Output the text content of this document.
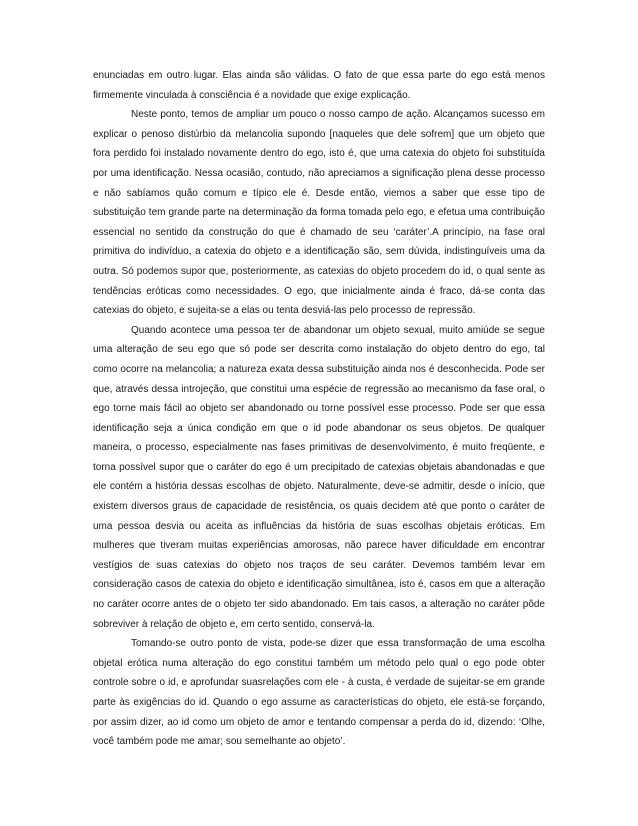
enunciadas em outro lugar. Elas ainda são válidas. O fato de que essa parte do ego está menos firmemente vinculada à consciência é a novidade que exige explicação.

Neste ponto, temos de ampliar um pouco o nosso campo de ação. Alcançamos sucesso em explicar o penoso distúrbio da melancolia supondo [naqueles que dele sofrem] que um objeto que fora perdido foi instalado novamente dentro do ego, isto é, que uma catexia do objeto foi substituída por uma identificação. Nessa ocasião, contudo, não apreciamos a significação plena desse processo e não sabíamos quão comum e típico ele é. Desde então, viemos a saber que esse tipo de substituição tem grande parte na determinação da forma tomada pelo ego, e efetua uma contribuição essencial no sentido da construção do que é chamado de seu ‘caráter’.A princípio, na fase oral primitiva do indivíduo, a catexia do objeto e a identificação são, sem dúvida, indistinguíveis uma da outra. Só podemos supor que, posteriormente, as catexias do objeto procedem do id, o qual sente as tendências eróticas como necessidades. O ego, que inicialmente ainda é fraco, dá-se conta das catexias do objeto, e sujeita-se a elas ou tenta desviá-las pelo processo de repressão.

Quando acontece uma pessoa ter de abandonar um objeto sexual, muito amiúde se segue uma alteração de seu ego que só pode ser descrita como instalação do objeto dentro do ego, tal como ocorre na melancolia; a natureza exata dessa substituição ainda nos é desconhecida. Pode ser que, através dessa introjeção, que constitui uma espécie de regressão ao mecanismo da fase oral, o ego torne mais fácil ao objeto ser abandonado ou torne possível esse processo. Pode ser que essa identificação seja a única condição em que o id pode abandonar os seus objetos. De qualquer maneira, o processo, especialmente nas fases primitivas de desenvolvimento, é muito freqüente, e torna possível supor que o caráter do ego é um precipitado de catexias objetais abandonadas e que ele contém a história dessas escolhas de objeto. Naturalmente, deve-se admitir, desde o início, que existem diversos graus de capacidade de resistência, os quais decidem até que ponto o caráter de uma pessoa desvia ou aceita as influências da história de suas escolhas objetais eróticas. Em mulheres que tiveram muitas experiências amorosas, não parece haver dificuldade em encontrar vestígios de suas catexias do objeto nos traços de seu caráter. Devemos também levar em consideração casos de catexia do objeto e identificação simultânea, isto é, casos em que a alteração no caráter ocorre antes de o objeto ter sido abandonado. Em tais casos, a alteração no caráter pôde sobreviver à relação de objeto e, em certo sentido, conservá-la.

Tomando-se outro ponto de vista, pode-se dizer que essa transformação de uma escolha objetal erótica numa alteração do ego constitui também um método pelo qual o ego pode obter controle sobre o id, e aprofundar suasrelações com ele - à custa, é verdade de sujeitar-se em grande parte às exigências do id. Quando o ego assume as características do objeto, ele está-se forçando, por assim dizer, ao id como um objeto de amor e tentando compensar a perda do id, dizendo: ‘Olhe, você também pode me amar; sou semelhante ao objeto’.
